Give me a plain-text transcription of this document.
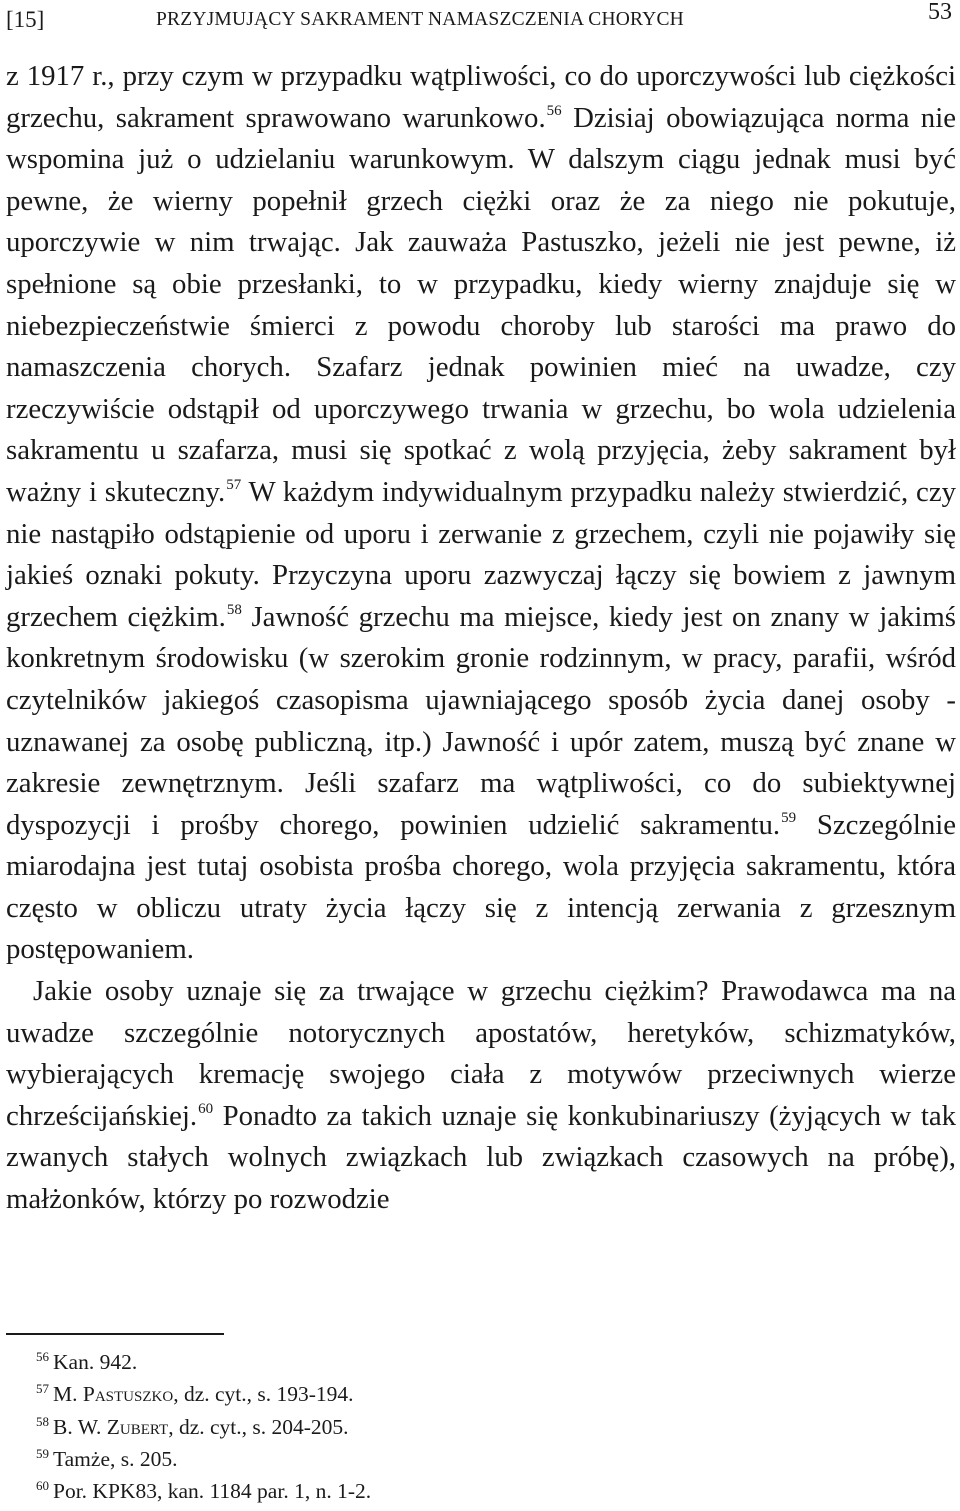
[15]	PRZYJMUJĄCY SAKRAMENT NAMASZCZENIA CHORYCH	53

z 1917 r., przy czym w przypadku wątpliwości, co do uporczywości lub ciężkości grzechu, sakrament sprawowano warunkowo.$^{56}$ Dzisiaj obowiązująca norma nie wspomina już o udzielaniu warunkowym. W dalszym ciągu jednak musi być pewne, że wierny popełnił grzech ciężki oraz że za niego nie pokutuje, uporczywie w nim trwając. Jak zauważa Pastuszko, jeżeli nie jest pewne, iż spełnione są obie przesłanki, to w przypadku, kiedy wierny znajduje się w niebezpieczeństwie śmierci z powodu choroby lub starości ma prawo do namaszczenia chorych. Szafarz jednak powinien mieć na uwadze, czy rzeczywiście odstąpił od uporczywego trwania w grzechu, bo wola udzielenia sakramentu u szafarza, musi się spotkać z wolą przyjęcia, żeby sakrament był ważny i skuteczny.$^{57}$ W każdym indywidualnym przypadku należy stwierdzić, czy nie nastąpiło odstąpienie od uporu i zerwanie z grzechem, czyli nie pojawiły się jakieś oznaki pokuty. Przyczyna uporu zazwyczaj łączy się bowiem z jawnym grzechem ciężkim.$^{58}$ Jawność grzechu ma miejsce, kiedy jest on znany w jakimś konkretnym środowisku (w szerokim gronie rodzinnym, w pracy, parafii, wśród czytelników jakiegoś czasopisma ujawniającego sposób życia danej osoby - uznawanej za osobę publiczną, itp.) Jawność i upór zatem, muszą być znane w zakresie zewnętrznym. Jeśli szafarz ma wątpliwości, co do subiektywnej dyspozycji i prośby chorego, powinien udzielić sakramentu.$^{59}$ Szczególnie miarodajna jest tutaj osobista prośba chorego, wola przyjęcia sakramentu, która często w obliczu utraty życia łączy się z intencją zerwania z grzesznym postępowaniem.

Jakie osoby uznaje się za trwające w grzechu ciężkim? Prawodawca ma na uwadze szczególnie notorycznych apostatów, heretyków, schizmatyków, wybierających kremację swojego ciała z motywów przeciwnych wierze chrześcijańskiej.$^{60}$ Ponadto za takich uznaje się konkubinariuszy (żyjących w tak zwanych stałych wolnych związkach lub związkach czasowych na próbę), małżonków, którzy po rozwodzie

$^{56}$ Kan. 942.
$^{57}$ M. Pastuszko, dz. cyt., s. 193-194.
$^{58}$ B. W. Zubert, dz. cyt., s. 204-205.
$^{59}$ Tamże, s. 205.
$^{60}$ Por. KPK83, kan. 1184 par. 1, n. 1-2.
